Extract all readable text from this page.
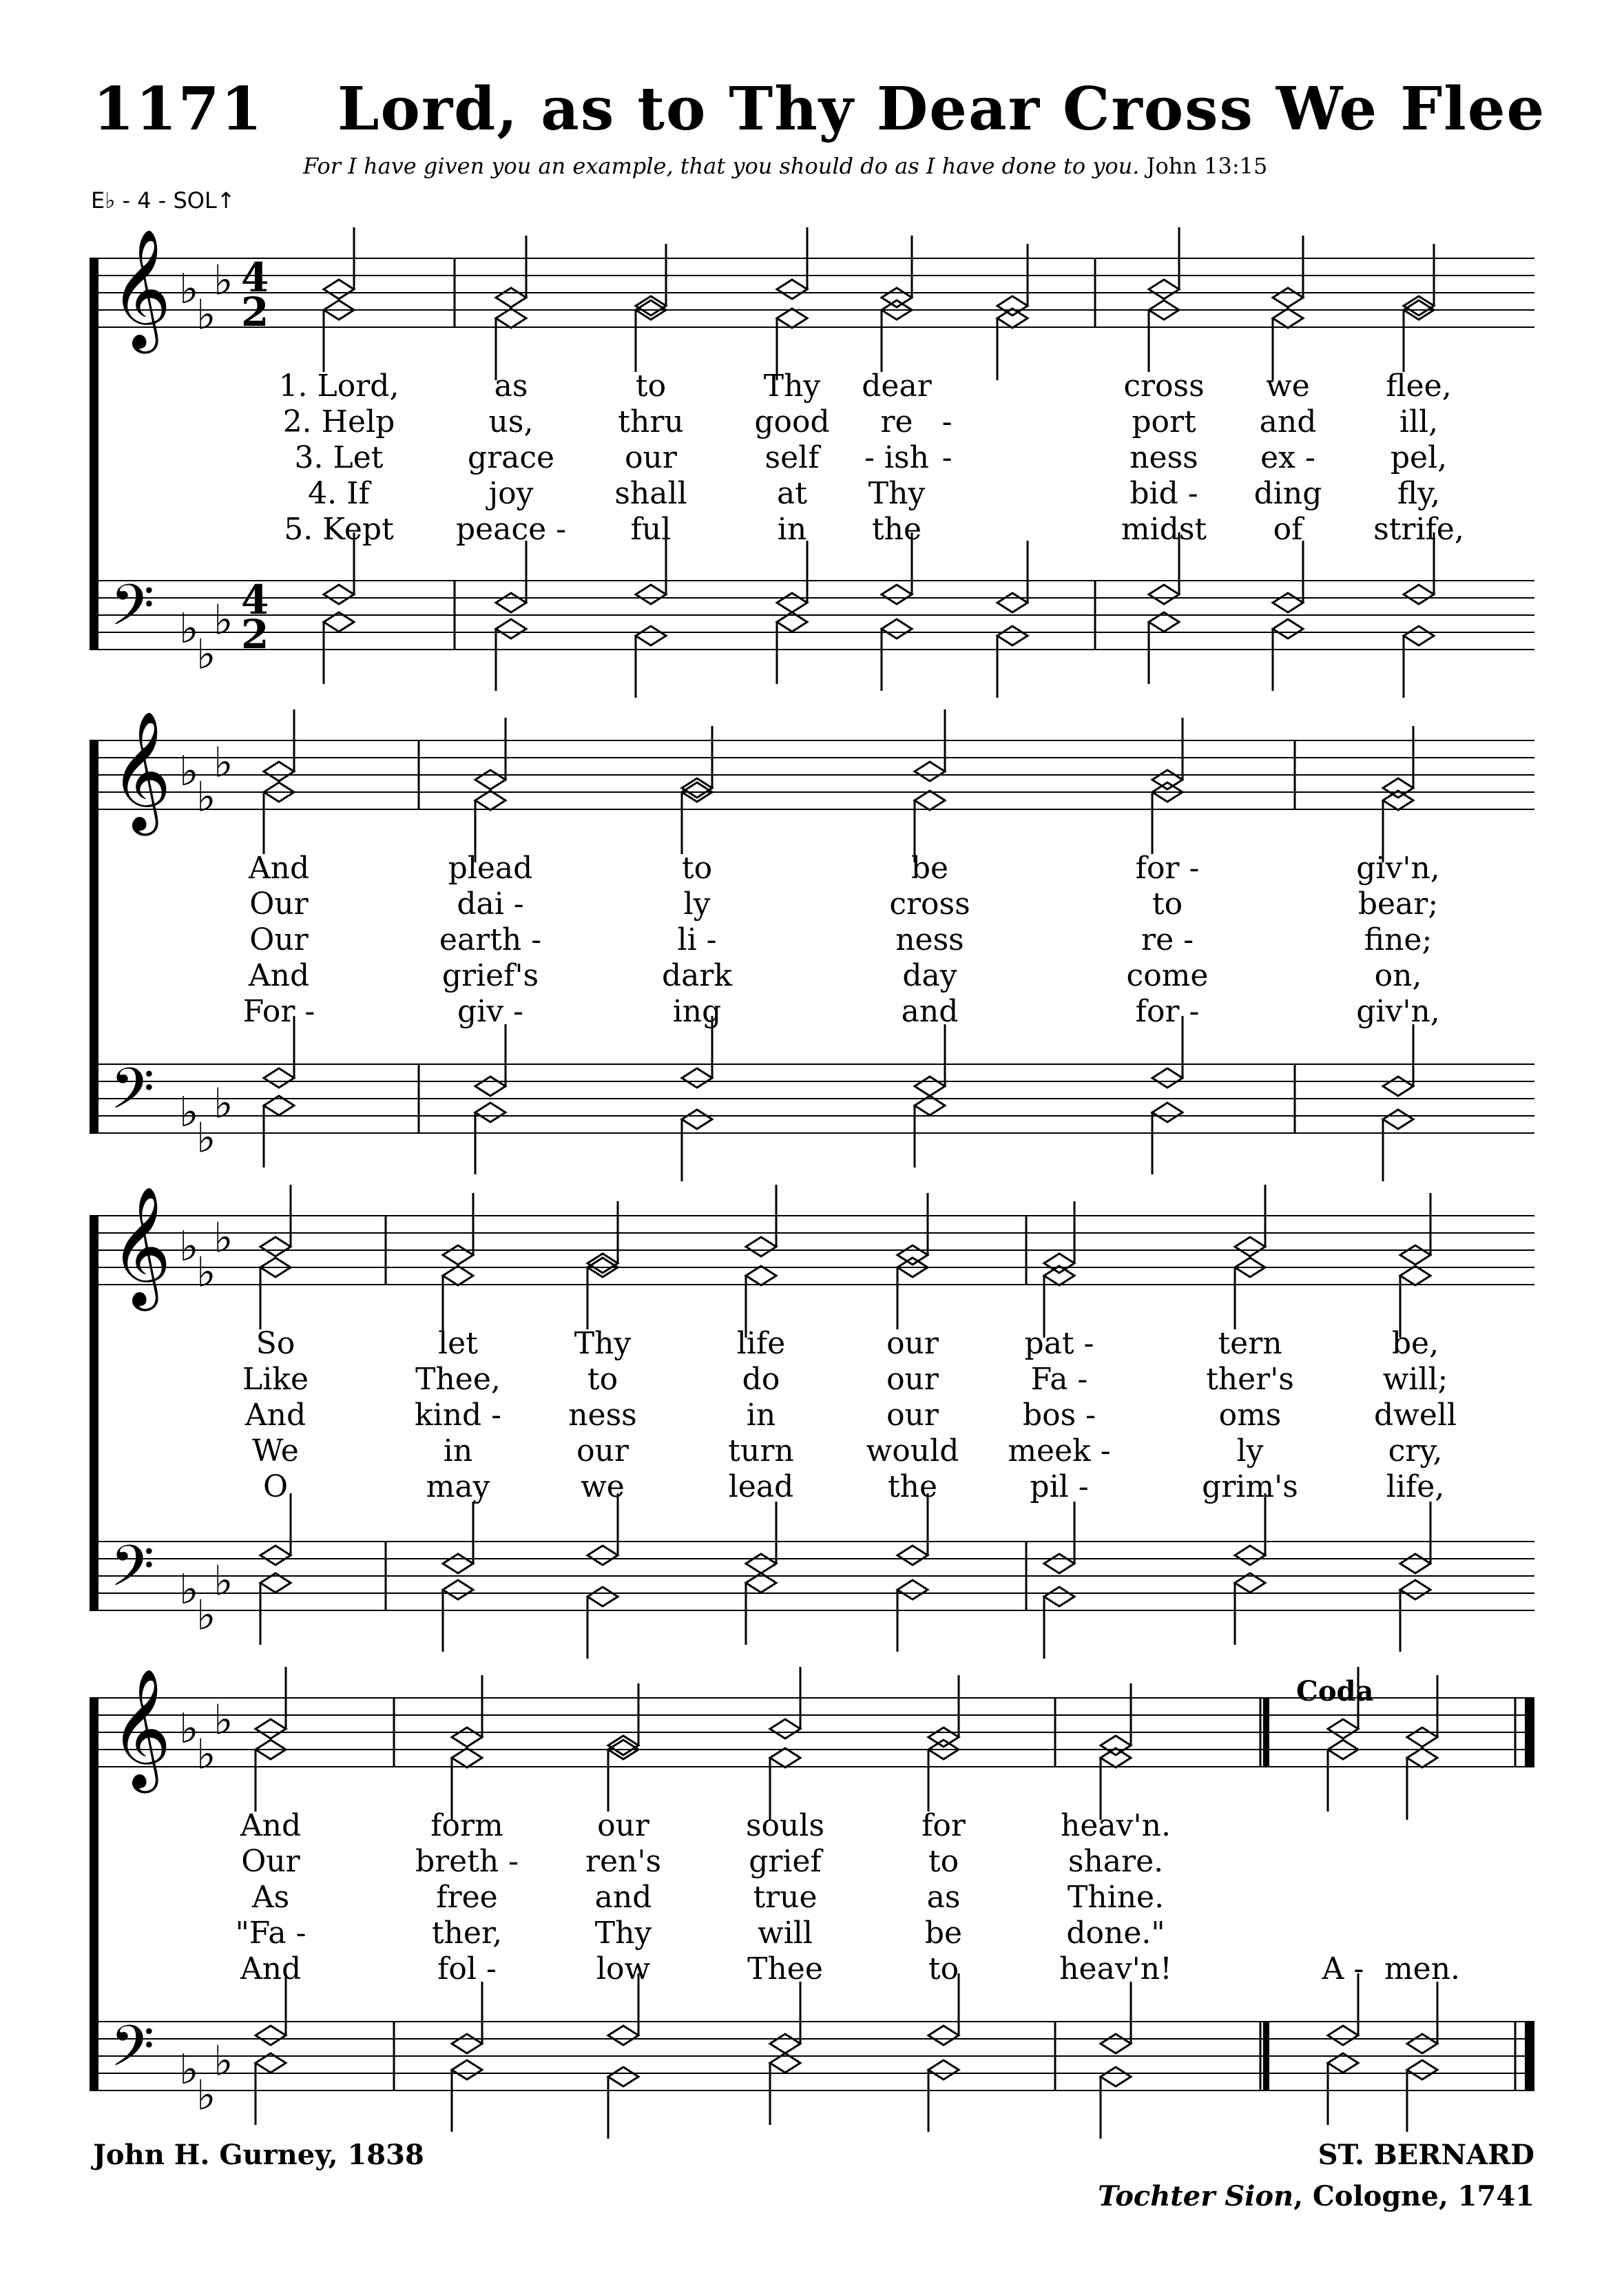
1171 Lord, as to Thy Dear Cross We Flee
For I have given you an example, that you should do as I have done to you. John 13:15
E♭ - 4 - SOL↑
Coda
𝄞 ♭
♭
♭ 4
2
𝄢 ♭
♭
♭ 4
2
𝄞 ♭
♭
♭
𝄢 ♭
♭
♭
𝄞 ♭
♭
♭
𝄢 ♭
♭
♭
𝄞 ♭
♭
♭
𝄢 ♭
♭
♭
1. Lord,	as	to	Thy dear	cross we	flee,
2. Help	us,	thru good re -	port and	ill,
3. Let	grace our	self - ish -	ness ex - pel,
4. If	joy	shall	at Thy	bid - ding fly,
5. Kept peace - ful	in the	midst of strife,
And	plead	to	be	for -	giv'n,
Our	dai -	ly	cross	to	bear;
Our	earth -	li -	ness	re -	fine;
And	grief's	dark	day	come	on,
For -	giv -	ing	and	for -	giv'n,
So	let	Thy	life	our	pat -	tern	be,
Like	Thee,	to	do	our	Fa -	ther's	will;
And	kind - ness	in	our	bos -	oms	dwell
We	in	our	turn would meek -	ly	cry,
O	may	we	lead	the	pil -	grim's	life,
And	form	our	souls	for	heav'n.
Our	breth - ren's	grief	to	share.
As	free	and	true	as	Thine.
"Fa -	ther,	Thy	will	be	done."
And	fol -	low	Thee	to	heav'n!	A - men.
John H. Gurney, 1838	ST. BERNARD
Tochter Sion, Cologne, 1741
